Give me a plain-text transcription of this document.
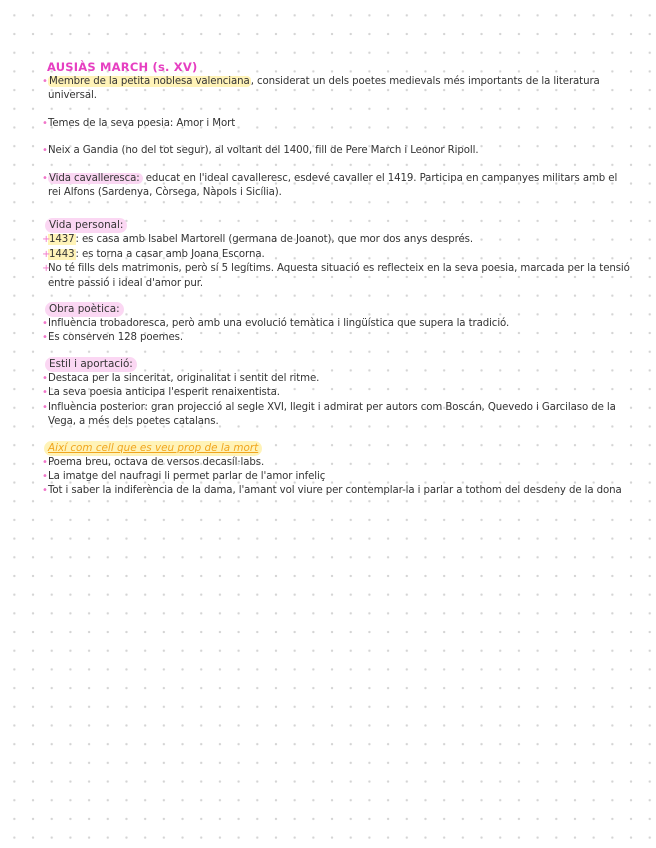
AUSIÀS MARCH (s. XV)
• Membre de la petita noblesa valenciana, considerat un dels poetes medievals més importants de la literatura universal.
• Temes de la seva poesia: Amor i Mort
• Neix a Gandia (no del tot segur), al voltant del 1400, fill de Pere March i Leonor Ripoll.
• Vida cavalleresca: educat en l'ideal cavalleresc, esdevé cavaller el 1419. Participa en campanyes militars amb el rei Alfons (Sardenya, Còrsega, Nàpols i Sicília).
Vida personal:
+
1437: es casa amb Isabel Martorell (germana de Joanot), que mor dos anys després.
+
1443: es torna a casar amb Joana Escorna.
+
No té fills dels matrimonis, però sí 5 legítims. Aquesta situació es reflecteix en la seva poesia, marcada per la tensió entre passió i ideal d'amor pur.
Obra poètica:
• Influència trobadoresca, però amb una evolució temàtica i lingüística que supera la tradició.
• Es conserven 128 poemes.
Estil i aportació:
• Destaca per la sinceritat, originalitat i sentit del ritme.
• La seva poesia anticipa l'esperit renaixentista.
• Influència posterior: gran projecció al segle XVI, llegit i admirat per autors com Boscán, Quevedo i Garcilaso de la Vega, a més dels poetes catalans.
Així com cell que es veu prop de la mort
• Poema breu, octava de versos decasíl·labs.
• La imatge del naufragi li permet parlar de l'amor infeliç
• Tot i saber la indiferència de la dama, l'amant vol viure per contemplar-la i parlar a tothom del desdeny de la dona
